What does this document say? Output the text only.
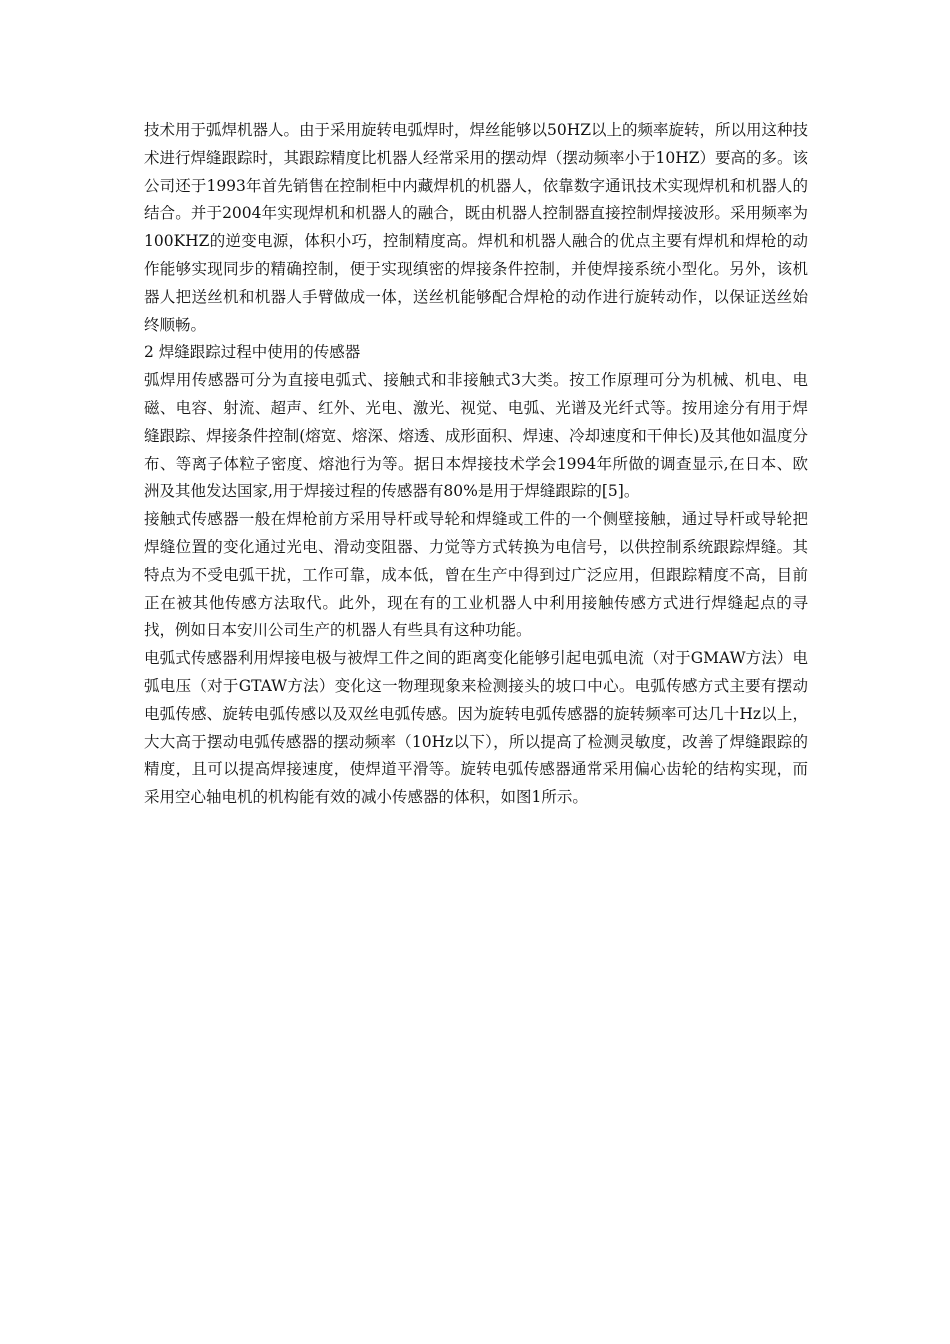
技术用于弧焊机器人。由于采用旋转电弧焊时，焊丝能够以50HZ以上的频率旋转，所以用这种技术进行焊缝跟踪时，其跟踪精度比机器人经常采用的摆动焊（摆动频率小于10HZ）要高的多。该公司还于1993年首先销售在控制柜中内藏焊机的机器人，依靠数字通讯技术实现焊机和机器人的结合。并于2004年实现焊机和机器人的融合，既由机器人控制器直接控制焊接波形。采用频率为100KHZ的逆变电源，体积小巧，控制精度高。焊机和机器人融合的优点主要有焊机和焊枪的动作能够实现同步的精确控制，便于实现缜密的焊接条件控制，并使焊接系统小型化。另外，该机器人把送丝机和机器人手臂做成一体，送丝机能够配合焊枪的动作进行旋转动作，以保证送丝始终顺畅。

2 焊缝跟踪过程中使用的传感器

弧焊用传感器可分为直接电弧式、接触式和非接触式3大类。按工作原理可分为机械、机电、电磁、电容、射流、超声、红外、光电、激光、视觉、电弧、光谱及光纤式等。按用途分有用于焊缝跟踪、焊接条件控制(熔宽、熔深、熔透、成形面积、焊速、冷却速度和干伸长)及其他如温度分布、等离子体粒子密度、熔池行为等。据日本焊接技术学会1994年所做的调查显示,在日本、欧洲及其他发达国家,用于焊接过程的传感器有80%是用于焊缝跟踪的[5]。

接触式传感器一般在焊枪前方采用导杆或导轮和焊缝或工件的一个侧壁接触，通过导杆或导轮把焊缝位置的变化通过光电、滑动变阻器、力觉等方式转换为电信号，以供控制系统跟踪焊缝。其特点为不受电弧干扰，工作可靠，成本低，曾在生产中得到过广泛应用，但跟踪精度不高，目前正在被其他传感方法取代。此外，现在有的工业机器人中利用接触传感方式进行焊缝起点的寻找，例如日本安川公司生产的机器人有些具有这种功能。

电弧式传感器利用焊接电极与被焊工件之间的距离变化能够引起电弧电流（对于GMAW方法）电弧电压（对于GTAW方法）变化这一物理现象来检测接头的坡口中心。电弧传感方式主要有摆动电弧传感、旋转电弧传感以及双丝电弧传感。因为旋转电弧传感器的旋转频率可达几十Hz以上，大大高于摆动电弧传感器的摆动频率（10Hz以下），所以提高了检测灵敏度，改善了焊缝跟踪的精度，且可以提高焊接速度，使焊道平滑等。旋转电弧传感器通常采用偏心齿轮的结构实现，而采用空心轴电机的机构能有效的减小传感器的体积，如图1所示。
